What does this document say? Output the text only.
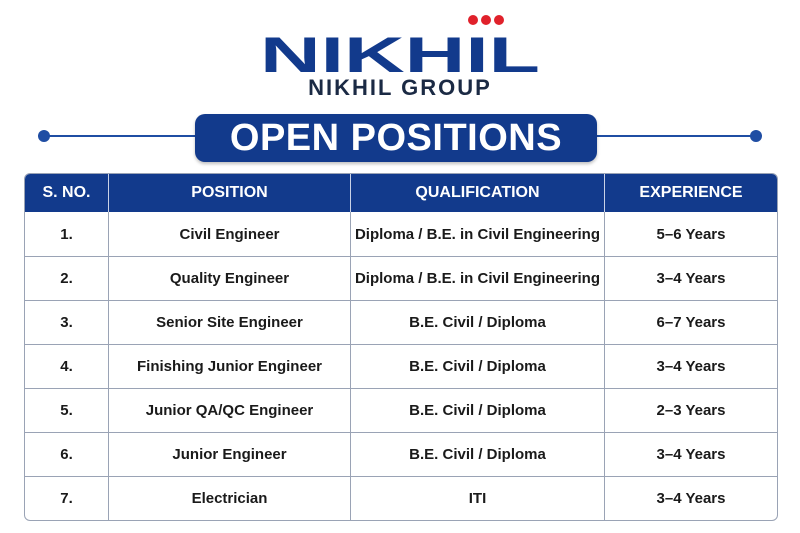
NIKHIL
NIKHIL GROUP
OPEN POSITIONS
S. NO.	POSITION	QUALIFICATION	EXPERIENCE
1.	Civil Engineer	Diploma / B.E. in Civil Engineering	5–6 Years
2.	Quality Engineer	Diploma / B.E. in Civil Engineering	3–4 Years
3.	Senior Site Engineer	B.E. Civil / Diploma	6–7 Years
4.	Finishing Junior Engineer	B.E. Civil / Diploma	3–4 Years
5.	Junior QA/QC Engineer	B.E. Civil / Diploma	2–3 Years
6.	Junior Engineer	B.E. Civil / Diploma	3–4 Years
7.	Electrician	ITI	3–4 Years
